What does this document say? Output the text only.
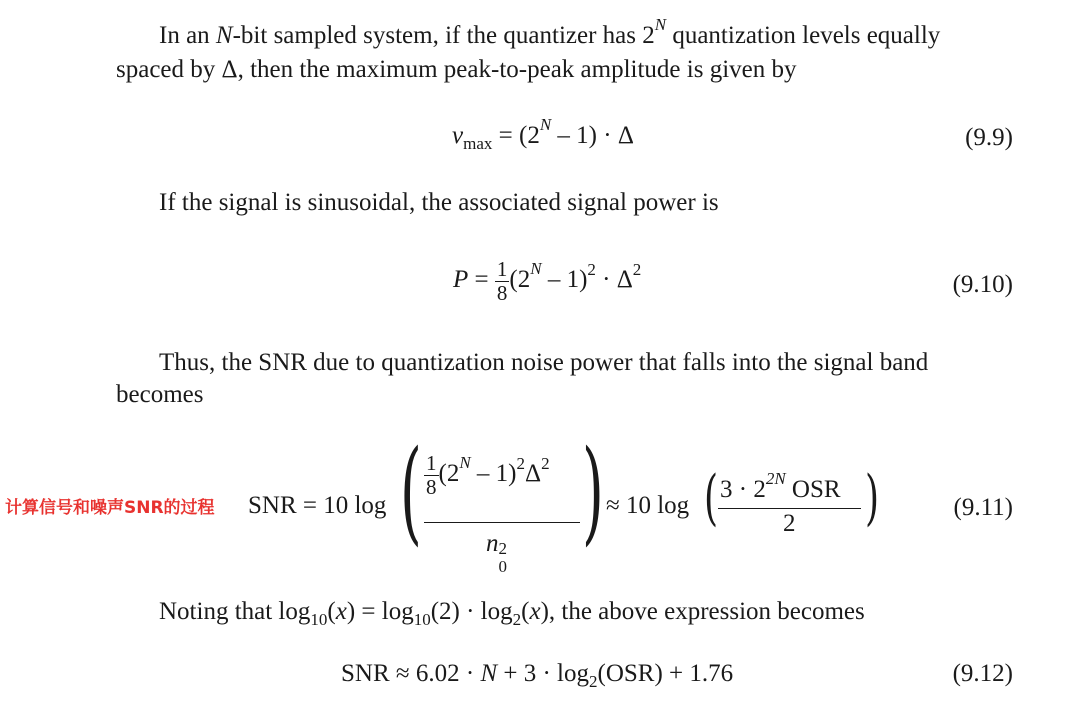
In an N-bit sampled system, if the quantizer has $2^N$ quantization levels equally spaced by Δ, then the maximum peak-to-peak amplitude is given by
$v_{max} = (2^N - 1) \cdot \Delta$	(9.9)
If the signal is sinusoidal, the associated signal power is
$P = \frac{1}{8} (2^N - 1)^2 \cdot \Delta^2$
(9.10)
Thus, the SNR due to quantization noise power that falls into the signal band becomes
计算信号和噪声SNR的过程 SNR = 10 log ( $\frac{1}{8} (2^N - 1)^2\Delta^2$
n 2
0
) ≈ 10 log ( $3 \cdot 2^{2N}$ OSR
2 )	(9.11)
Noting that $\log_{10}(x) = \log_{10}(2) \cdot \log_2(x)$, the above expression becomes
SNR ≈ $6.02 \cdot N + 3 \cdot \log_2(OSR) + 1.76$	(9.12)
